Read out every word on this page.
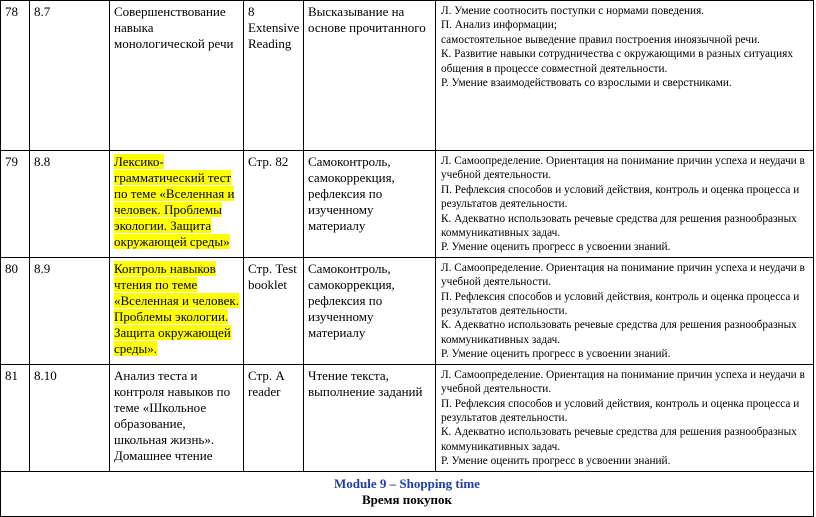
78	8.7	Совершенствование навыка монологической речи	8 Extensive Reading	Высказывание на основе прочитанного	Л. Умение соотносить поступки с нормами поведения.
П. Анализ информации;
самостоятельное выведение правил построения иноязычной речи.
К. Развитие навыки сотрудничества с окружающими в разных ситуациях общения в процессе совместной деятельности.
Р. Умение взаимодействовать со взрослыми и сверстниками.

79	8.8	Лексико-грамматический тест по теме «Вселенная и человек. Проблемы экологии. Защита окружающей среды»	Стр. 82	Самоконтроль, самокоррекция, рефлексия по изученному материалу	Л. Самоопределение. Ориентация на понимание причин успеха и неудачи в учебной деятельности.
П. Рефлексия способов и условий действия, контроль и оценка процесса и результатов деятельности.
К. Адекватно использовать речевые средства для решения разнообразных коммуникативных задач.
Р. Умение оценить прогресс в усвоении знаний.

80	8.9	Контроль навыков чтения по теме «Вселенная и человек. Проблемы экологии. Защита окружающей среды».	Стр. Test booklet	Самоконтроль, самокоррекция, рефлексия по изученному материалу	Л. Самоопределение. Ориентация на понимание причин успеха и неудачи в учебной деятельности.
П. Рефлексия способов и условий действия, контроль и оценка процесса и результатов деятельности.
К. Адекватно использовать речевые средства для решения разнообразных коммуникативных задач.
Р. Умение оценить прогресс в усвоении знаний.

81	8.10	Анализ теста и контроля навыков по теме «Школьное образование, школьная жизнь». Домашнее чтение	Стр. A reader	Чтение текста, выполнение заданий	Л. Самоопределение. Ориентация на понимание причин успеха и неудачи в учебной деятельности.
П. Рефлексия способов и условий действия, контроль и оценка процесса и результатов деятельности.
К. Адекватно использовать речевые средства для решения разнообразных коммуникативных задач.
Р. Умение оценить прогресс в усвоении знаний.

Module 9 – Shopping time
Время покупок					
